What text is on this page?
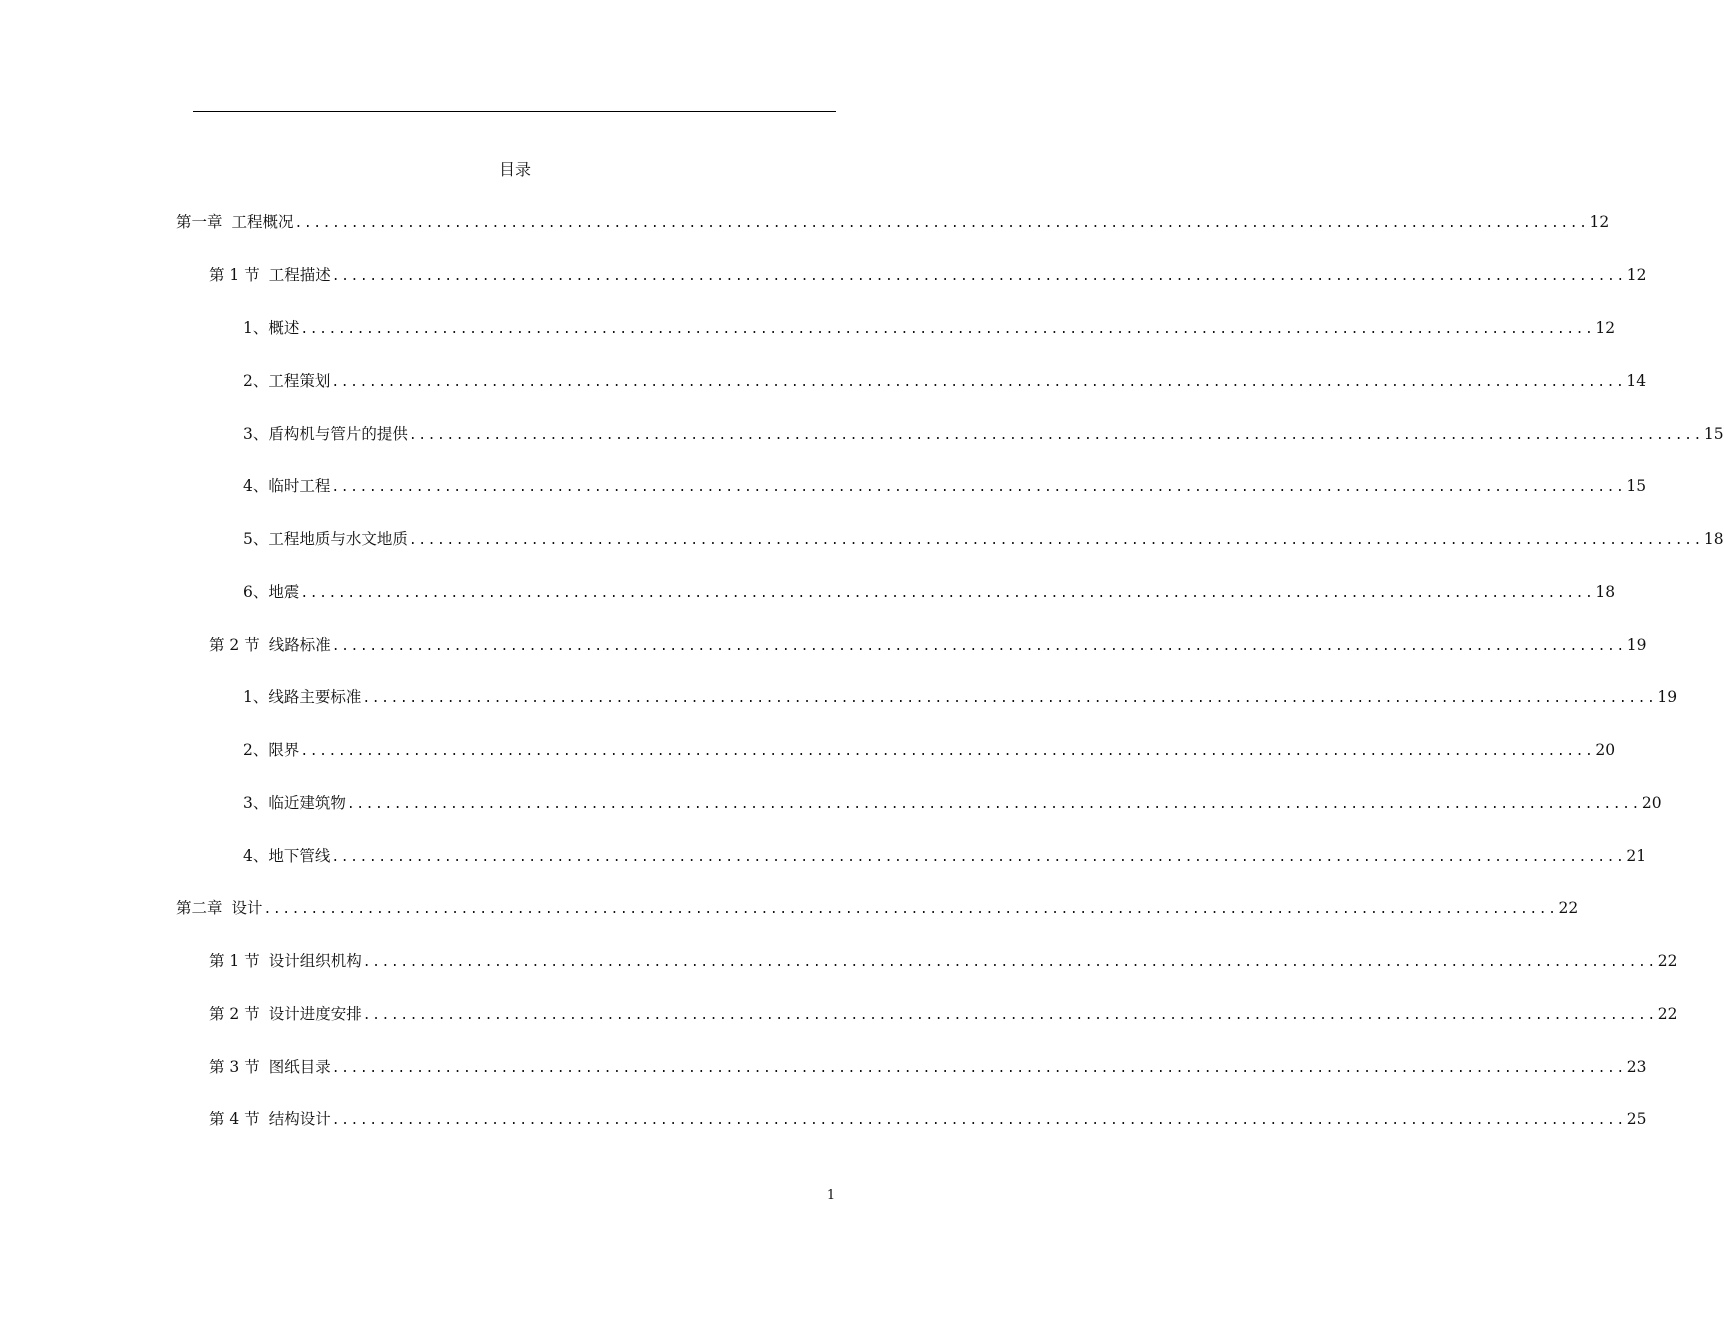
目录
第一章 工程概况 .......................................................................................................................................... 12
第 1 节 工程描述 .......................................................................................................................................... 12
1、 概述 .......................................................................................................................................... 12
2、 工程策划 .......................................................................................................................................... 14
3、 盾构机与管片的提供 .......................................................................................................................................... 15
4、 临时工程 .......................................................................................................................................... 15
5、 工程地质与水文地质 .......................................................................................................................................... 18
6、 地震 .......................................................................................................................................... 18
第 2 节 线路标准 .......................................................................................................................................... 19
1、 线路主要标准 .......................................................................................................................................... 19
2、 限界 .......................................................................................................................................... 20
3、 临近建筑物 .......................................................................................................................................... 20
4、 地下管线 .......................................................................................................................................... 21
第二章 设计 .......................................................................................................................................... 22
第 1 节 设计组织机构 .......................................................................................................................................... 22
第 2 节 设计进度安排 .......................................................................................................................................... 22
第 3 节 图纸目录 .......................................................................................................................................... 23
第 4 节 结构设计 .......................................................................................................................................... 25
1
